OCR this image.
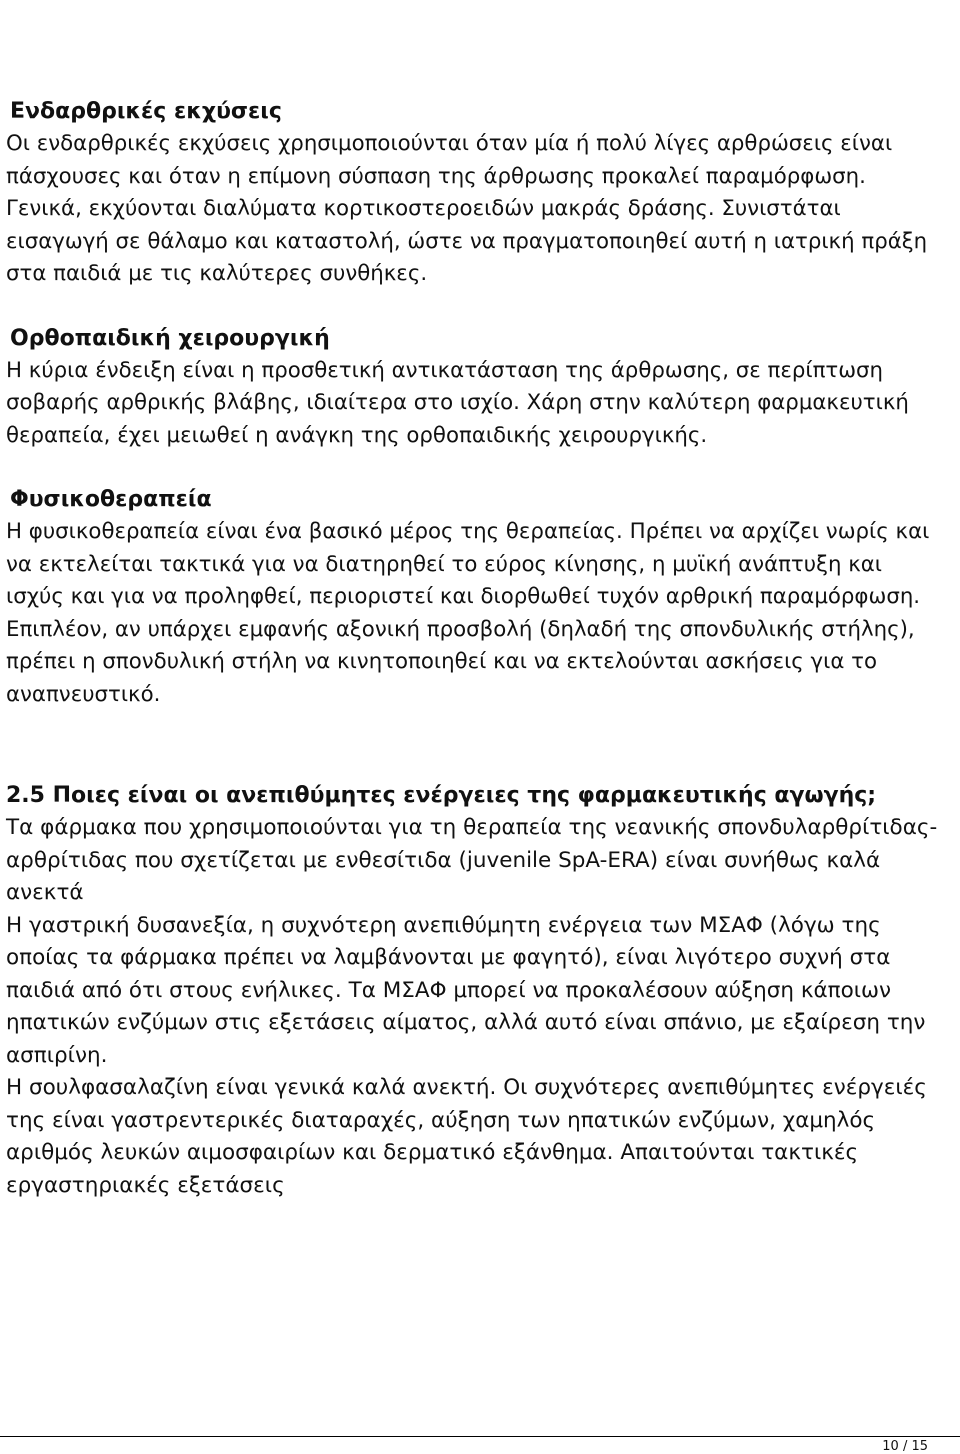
Ενδαρθρικές εκχύσεις

Οι ενδαρθρικές εκχύσεις χρησιμοποιούνται όταν μία ή πολύ λίγες αρθρώσεις είναι πάσχουσες και όταν η επίμονη σύσπαση της άρθρωσης προκαλεί παραμόρφωση. Γενικά, εκχύονται διαλύματα κορτικοστεροειδών μακράς δράσης. Συνιστάται εισαγωγή σε θάλαμο και καταστολή, ώστε να πραγματοποιηθεί αυτή η ιατρική πράξη στα παιδιά με τις καλύτερες συνθήκες.

Ορθοπαιδική χειρουργική

Η κύρια ένδειξη είναι η προσθετική αντικατάσταση της άρθρωσης, σε περίπτωση σοβαρής αρθρικής βλάβης, ιδιαίτερα στο ισχίο. Χάρη στην καλύτερη φαρμακευτική θεραπεία, έχει μειωθεί η ανάγκη της ορθοπαιδικής χειρουργικής.

Φυσικοθεραπεία

Η φυσικοθεραπεία είναι ένα βασικό μέρος της θεραπείας. Πρέπει να αρχίζει νωρίς και να εκτελείται τακτικά για να διατηρηθεί το εύρος κίνησης, η μυϊκή ανάπτυξη και ισχύς και για να προληφθεί, περιοριστεί και διορθωθεί τυχόν αρθρική παραμόρφωση. Επιπλέον, αν υπάρχει εμφανής αξονική προσβολή (δηλαδή της σπονδυλικής στήλης), πρέπει η σπονδυλική στήλη να κινητοποιηθεί και να εκτελούνται ασκήσεις για το αναπνευστικό.

2.5 Ποιες είναι οι ανεπιθύμητες ενέργειες της φαρμακευτικής αγωγής;

Τα φάρμακα που χρησιμοποιούνται για τη θεραπεία της νεανικής σπονδυλαρθρίτιδας-αρθρίτιδας που σχετίζεται με ενθεσίτιδα (juvenile SpA-ERA) είναι συνήθως καλά ανεκτά

Η γαστρική δυσανεξία, η συχνότερη ανεπιθύμητη ενέργεια των ΜΣΑΦ (λόγω της οποίας τα φάρμακα πρέπει να λαμβάνονται με φαγητό), είναι λιγότερο συχνή στα παιδιά από ότι στους ενήλικες. Τα ΜΣΑΦ μπορεί να προκαλέσουν αύξηση κάποιων ηπατικών ενζύμων στις εξετάσεις αίματος, αλλά αυτό είναι σπάνιο, με εξαίρεση την ασπιρίνη.

Η σουλφασαλαζίνη είναι γενικά καλά ανεκτή. Οι συχνότερες ανεπιθύμητες ενέργειές της είναι γαστρεντερικές διαταραχές, αύξηση των ηπατικών ενζύμων, χαμηλός αριθμός λευκών αιμοσφαιρίων και δερματικό εξάνθημα. Απαιτούνται τακτικές εργαστηριακές εξετάσεις

10 / 15
